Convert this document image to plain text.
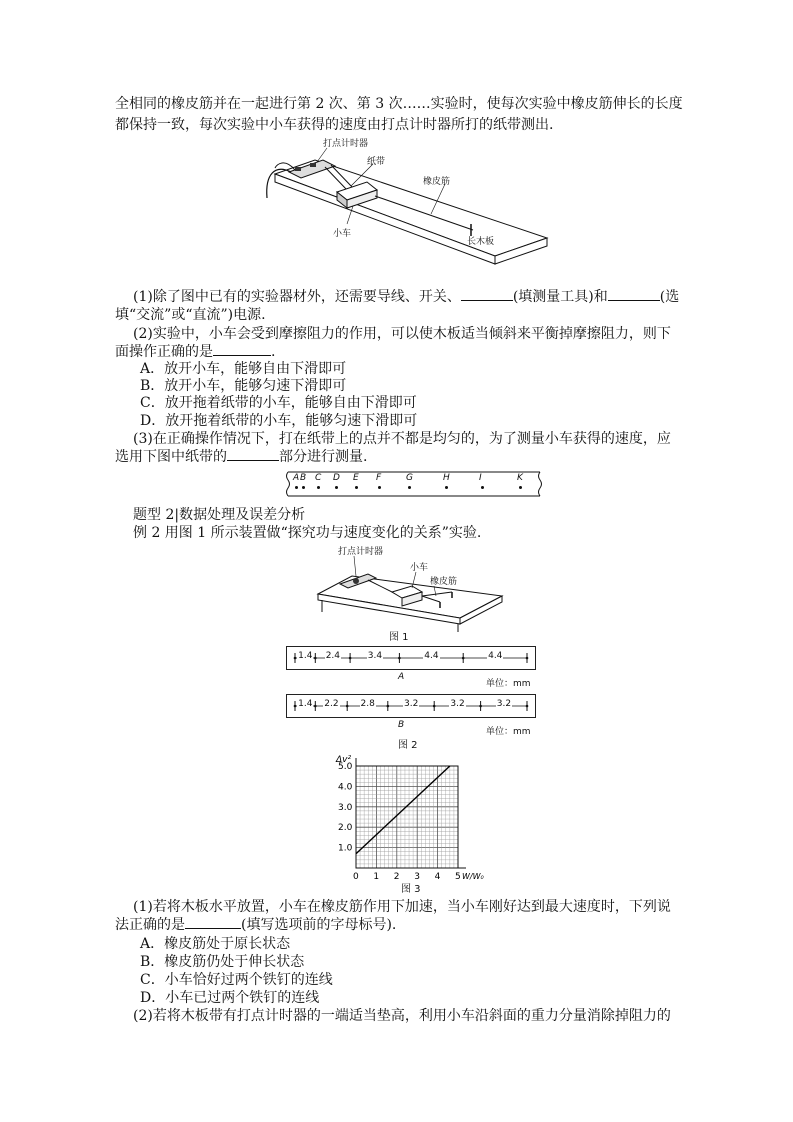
全相同的橡皮筋并在一起进行第 2 次、第 3 次……实验时，使每次实验中橡皮筋伸长的长度
都保持一致，每次实验中小车获得的速度由打点计时器所打的纸带测出.
打点计时器
纸带
橡皮筋
小车
长木板
(1)除了图中已有的实验器材外，还需要导线、开关、	(填测量工具)和	(选
填“交流”或“直流”)电源.
(2)实验中，小车会受到摩擦阻力的作用，可以使木板适当倾斜来平衡掉摩擦阻力，则下
面操作正确的是	.
A．放开小车，能够自由下滑即可
B．放开小车，能够匀速下滑即可
C．放开拖着纸带的小车，能够自由下滑即可
D．放开拖着纸带的小车，能够匀速下滑即可
(3)在正确操作情况下，打在纸带上的点并不都是均匀的，为了测量小车获得的速度，应
选用下图中纸带的	部分进行测量.
A B C D E F	G	H	I	K
题型 2|数据处理及误差分析
例 2 用图 1 所示装置做“探究功与速度变化的关系”实验.
打点计时器
小车
橡皮筋
图 1
1.4 2.4	3.4	4.4	4.4
A
单位：mm
1.4 2.2 2.8	3.2	3.2	3.2
B
单位：mm
图 2
0 1 2 3 4 5
1.0
2.0
3.0
4.0
5.0
Δv²
W/W₀
图 3
(1)若将木板水平放置，小车在橡皮筋作用下加速，当小车刚好达到最大速度时，下列说
法正确的是	(填写选项前的字母标号).
A．橡皮筋处于原长状态
B．橡皮筋仍处于伸长状态
C．小车恰好过两个铁钉的连线
D．小车已过两个铁钉的连线
(2)若将木板带有打点计时器的一端适当垫高，利用小车沿斜面的重力分量消除掉阻力的
